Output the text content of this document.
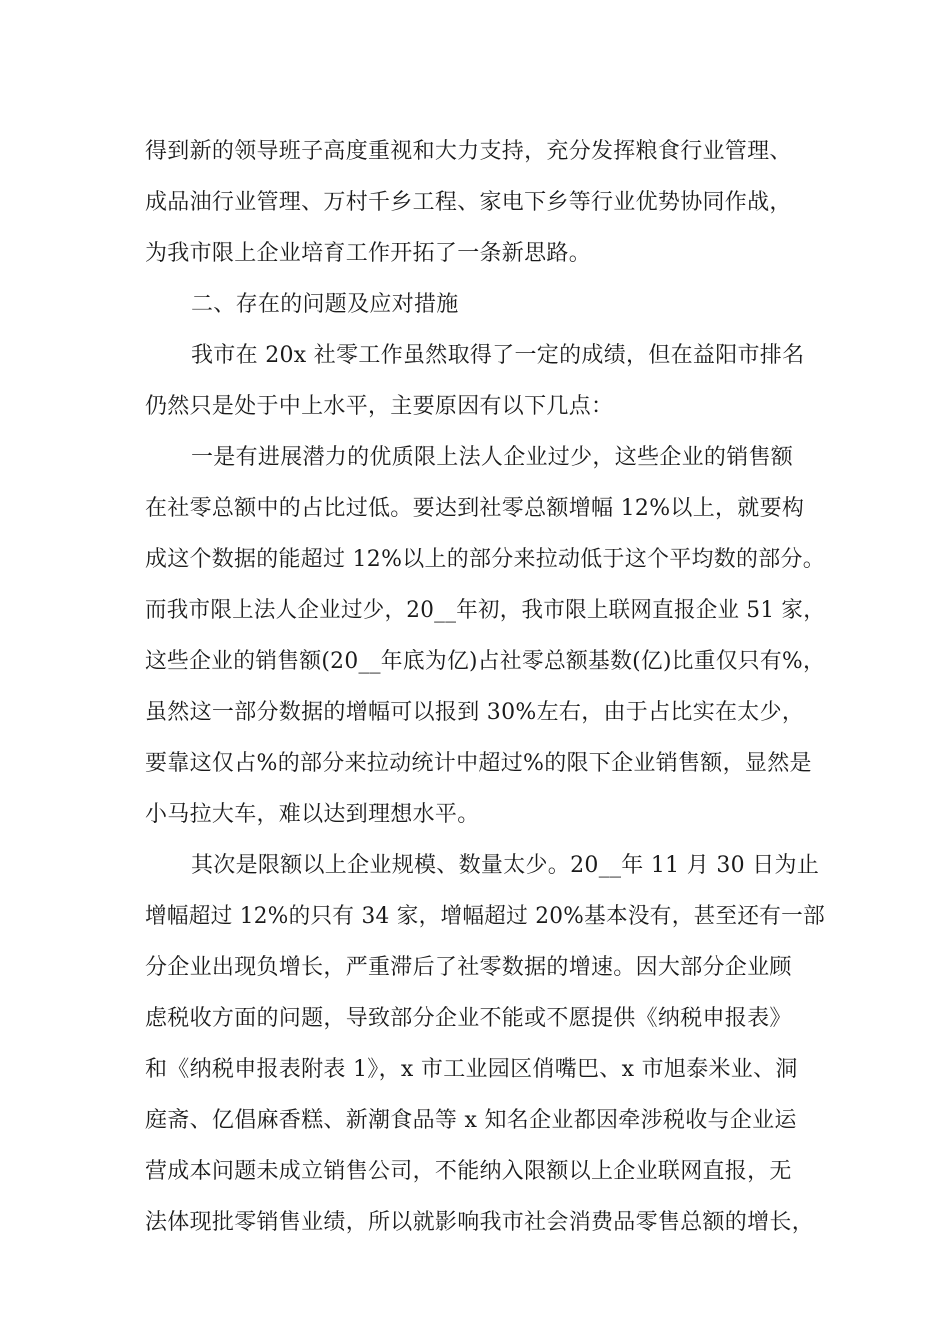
得到新的领导班子高度重视和大力支持，充分发挥粮食行业管理、
成品油行业管理、万村千乡工程、家电下乡等行业优势协同作战，
为我市限上企业培育工作开拓了一条新思路。
二、存在的问题及应对措施
我市在 20x 社零工作虽然取得了一定的成绩，但在益阳市排名
仍然只是处于中上水平，主要原因有以下几点：
一是有进展潜力的优质限上法人企业过少，这些企业的销售额
在社零总额中的占比过低。要达到社零总额增幅 12%以上，就要构
成这个数据的能超过 12%以上的部分来拉动低于这个平均数的部分。
而我市限上法人企业过少，20__年初，我市限上联网直报企业 51 家，
这些企业的销售额(20__年底为亿)占社零总额基数(亿)比重仅只有%，
虽然这一部分数据的增幅可以报到 30%左右，由于占比实在太少，
要靠这仅占%的部分来拉动统计中超过%的限下企业销售额，显然是
小马拉大车，难以达到理想水平。
其次是限额以上企业规模、数量太少。20__年 11 月 30 日为止
增幅超过 12%的只有 34 家，增幅超过 20%基本没有，甚至还有一部
分企业出现负增长，严重滞后了社零数据的增速。因大部分企业顾
虑税收方面的问题，导致部分企业不能或不愿提供《纳税申报表》
和《纳税申报表附表 1》，x 市工业园区俏嘴巴、x 市旭泰米业、洞
庭斋、亿倡麻香糕、新潮食品等 x 知名企业都因牵涉税收与企业运
营成本问题未成立销售公司，不能纳入限额以上企业联网直报，无
法体现批零销售业绩，所以就影响我市社会消费品零售总额的增长，
